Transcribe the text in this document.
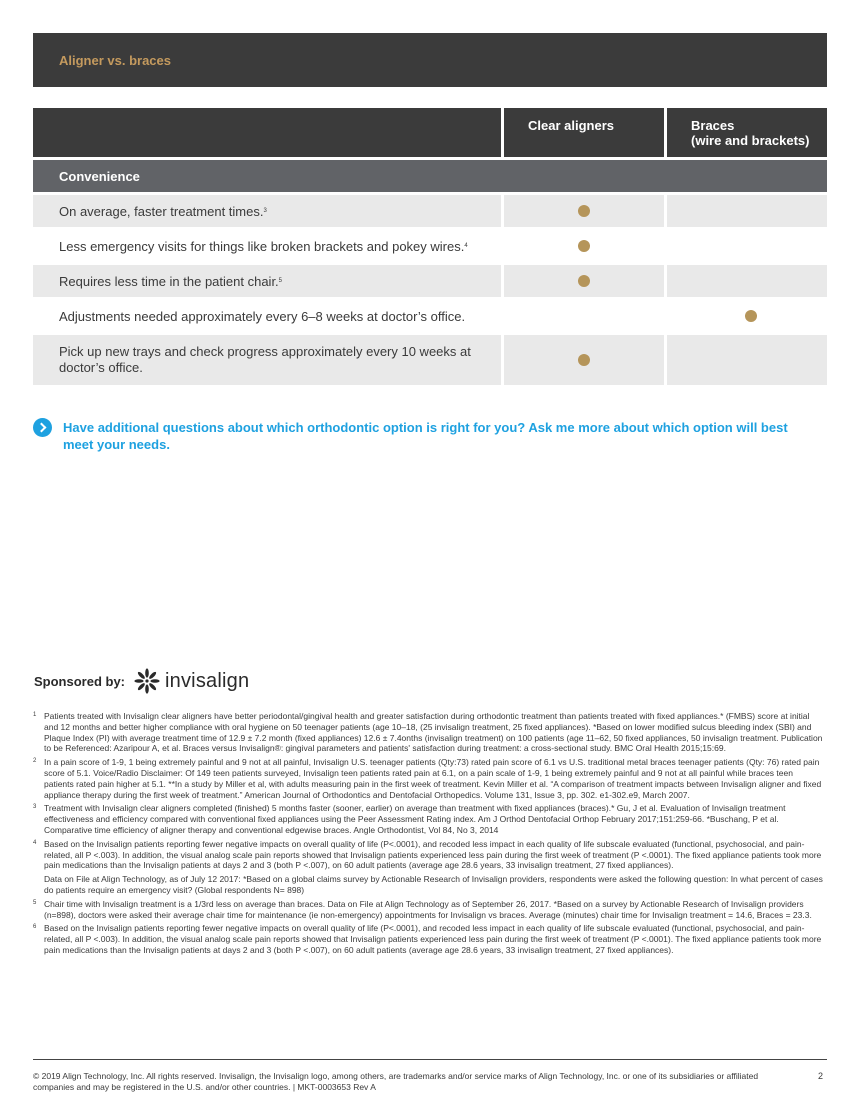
Aligner vs. braces
Clear aligners	Braces
(wire and brackets)
Convenience
On average, faster treatment times. 3
Less emergency visits for things like broken brackets and pokey wires. 4
Requires less time in the patient chair. 5
Adjustments needed approximately every 6–8 weeks at doctor’s office.
Pick up new trays and check progress approximately every 10 weeks at doctor’s office.
Have additional questions about which orthodontic option is right for you? Ask me more about which option will best meet your needs.
Sponsored by: invisalign
1 Patients treated with Invisalign clear aligners have better periodontal/gingival health and greater satisfaction during orthodontic treatment than patients treated with fixed appliances.* (FMBS) score at initial and 12 months and better higher compliance with oral hygiene on 50 teenager patients (age 10–18, (25 invisalign treatment, 25 fixed appliances). *Based on lower modified sulcus bleeding index (SBI) and Plaque Index (PI) with average treatment time of 12.9 ± 7.2 month (fixed appliances) 12.6 ± 7.4onths (invisalign treatment) on 100 patients (age 11–62, 50 fixed appliances, 50 invisalign treatment. Publication to be Referenced: Azaripour A, et al. Braces versus Invisalign®: gingival parameters and patients' satisfaction during treatment: a cross-sectional study. BMC Oral Health 2015;15:69.
2 In a pain score of 1-9, 1 being extremely painful and 9 not at all painful, Invisalign U.S. teenager patients (Qty:73) rated pain score of 6.1 vs U.S. traditional metal braces teenager patients (Qty: 76) rated pain score of 5.1. Voice/Radio Disclaimer: Of 149 teen patients surveyed, Invisalign teen patients rated pain at 6.1, on a pain scale of 1-9, 1 being extremely painful and 9 not at all painful while braces teen patients rated pain higher at 5.1. **In a study by Miller et al, with adults measuring pain in the first week of treatment. Kevin Miller et al. “A comparison of treatment impacts between Invisalign aligner and fixed appliance therapy during the first week of treatment.” American Journal of Orthodontics and Dentofacial Orthopedics. Volume 131, Issue 3, pp. 302. e1-302.e9, March 2007.
3 Treatment with Invisalign clear aligners completed (finished) 5 months faster (sooner, earlier) on average than treatment with fixed appliances (braces).* Gu, J et al. Evaluation of Invisalign treatment effectiveness and efficiency compared with conventional fixed appliances using the Peer Assessment Rating index. Am J Orthod Dentofacial Orthop February 2017;151:259-66. *Buschang, P et al. Comparative time efficiency of aligner therapy and conventional edgewise braces. Angle Orthodontist, Vol 84, No 3, 2014
4 Based on the Invisalign patients reporting fewer negative impacts on overall quality of life (P<.0001), and recoded less impact in each quality of life subscale evaluated (functional, psychosocial, and pain-related, all P <.003). In addition, the visual analog scale pain reports showed that Invisalign patients experienced less pain during the first week of treatment (P <.0001). The fixed appliance patients took more pain medications than the Invisalign patients at days 2 and 3 (both P <.007), on 60 adult patients (average age 28.6 years, 33 invisalign treatment, 27 fixed appliances).
Data on File at Align Technology, as of July 12 2017: *Based on a global claims survey by Actionable Research of Invisalign providers, respondents were asked the following question: In what percent of cases do patients require an emergency visit? (Global respondents N= 898)
5 Chair time with Invisalign treatment is a 1/3rd less on average than braces. Data on File at Align Technology as of September 26, 2017. *Based on a survey by Actionable Research of Invisalign providers (n=898), doctors were asked their average chair time for maintenance (ie non-emergency) appointments for Invisalign vs braces. Average (minutes) chair time for Invisalign treatment = 14.6, Braces = 23.3.
6 Based on the Invisalign patients reporting fewer negative impacts on overall quality of life (P<.0001), and recoded less impact in each quality of life subscale evaluated (functional, psychosocial, and pain-related, all P <.003). In addition, the visual analog scale pain reports showed that Invisalign patients experienced less pain during the first week of treatment (P <.0001). The fixed appliance patients took more pain medications than the Invisalign patients at days 2 and 3 (both P <.007), on 60 adult patients (average age 28.6 years, 33 invisalign treatment, 27 fixed appliances).
© 2019 Align Technology, Inc. All rights reserved. Invisalign, the Invisalign logo, among others, are trademarks and/or service marks of Align Technology, Inc. or one of its subsidiaries or affiliated companies and may be registered in the U.S. and/or other countries. | MKT-0003653 Rev A
2
